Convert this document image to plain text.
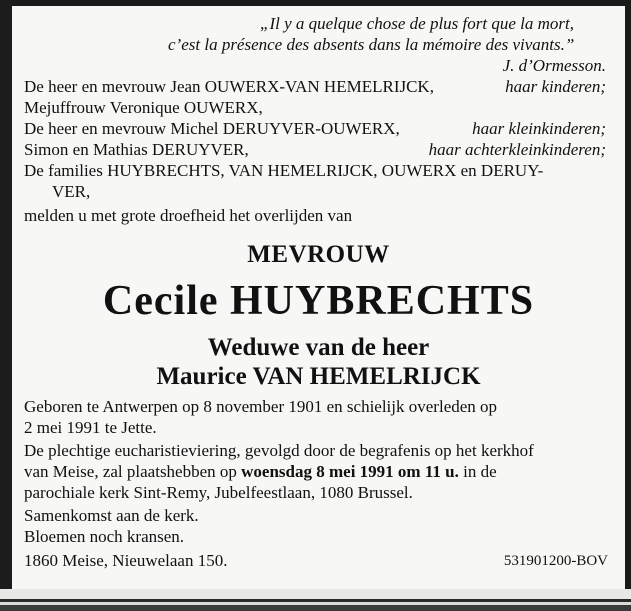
„Il y a quelque chose de plus fort que la mort,
c’est la présence des absents dans la mémoire des vivants.”
J. d’Ormesson.
De heer en mevrouw Jean OUWERX-VAN HEMELRIJCK,	haar kinderen;
Mejuffrouw Veronique OUWERX,
De heer en mevrouw Michel DERUYVER-OUWERX,	haar kleinkinderen;
Simon en Mathias DERUYVER,	haar achterkleinkinderen;
De families HUYBRECHTS, VAN HEMELRIJCK, OUWERX en DERUY-
VER,
melden u met grote droefheid het overlijden van
MEVROUW
Cecile HUYBRECHTS
Weduwe van de heer
Maurice VAN HEMELRIJCK
Geboren te Antwerpen op 8 november 1901 en schielijk overleden op
2 mei 1991 te Jette.
De plechtige eucharistieviering, gevolgd door de begrafenis op het kerkhof
van Meise, zal plaatshebben op woensdag 8 mei 1991 om 11 u. in de
parochiale kerk Sint-Remy, Jubelfeestlaan, 1080 Brussel.
Samenkomst aan de kerk.
Bloemen noch kransen.
1860 Meise, Nieuwelaan 150.	531901200-BOV
